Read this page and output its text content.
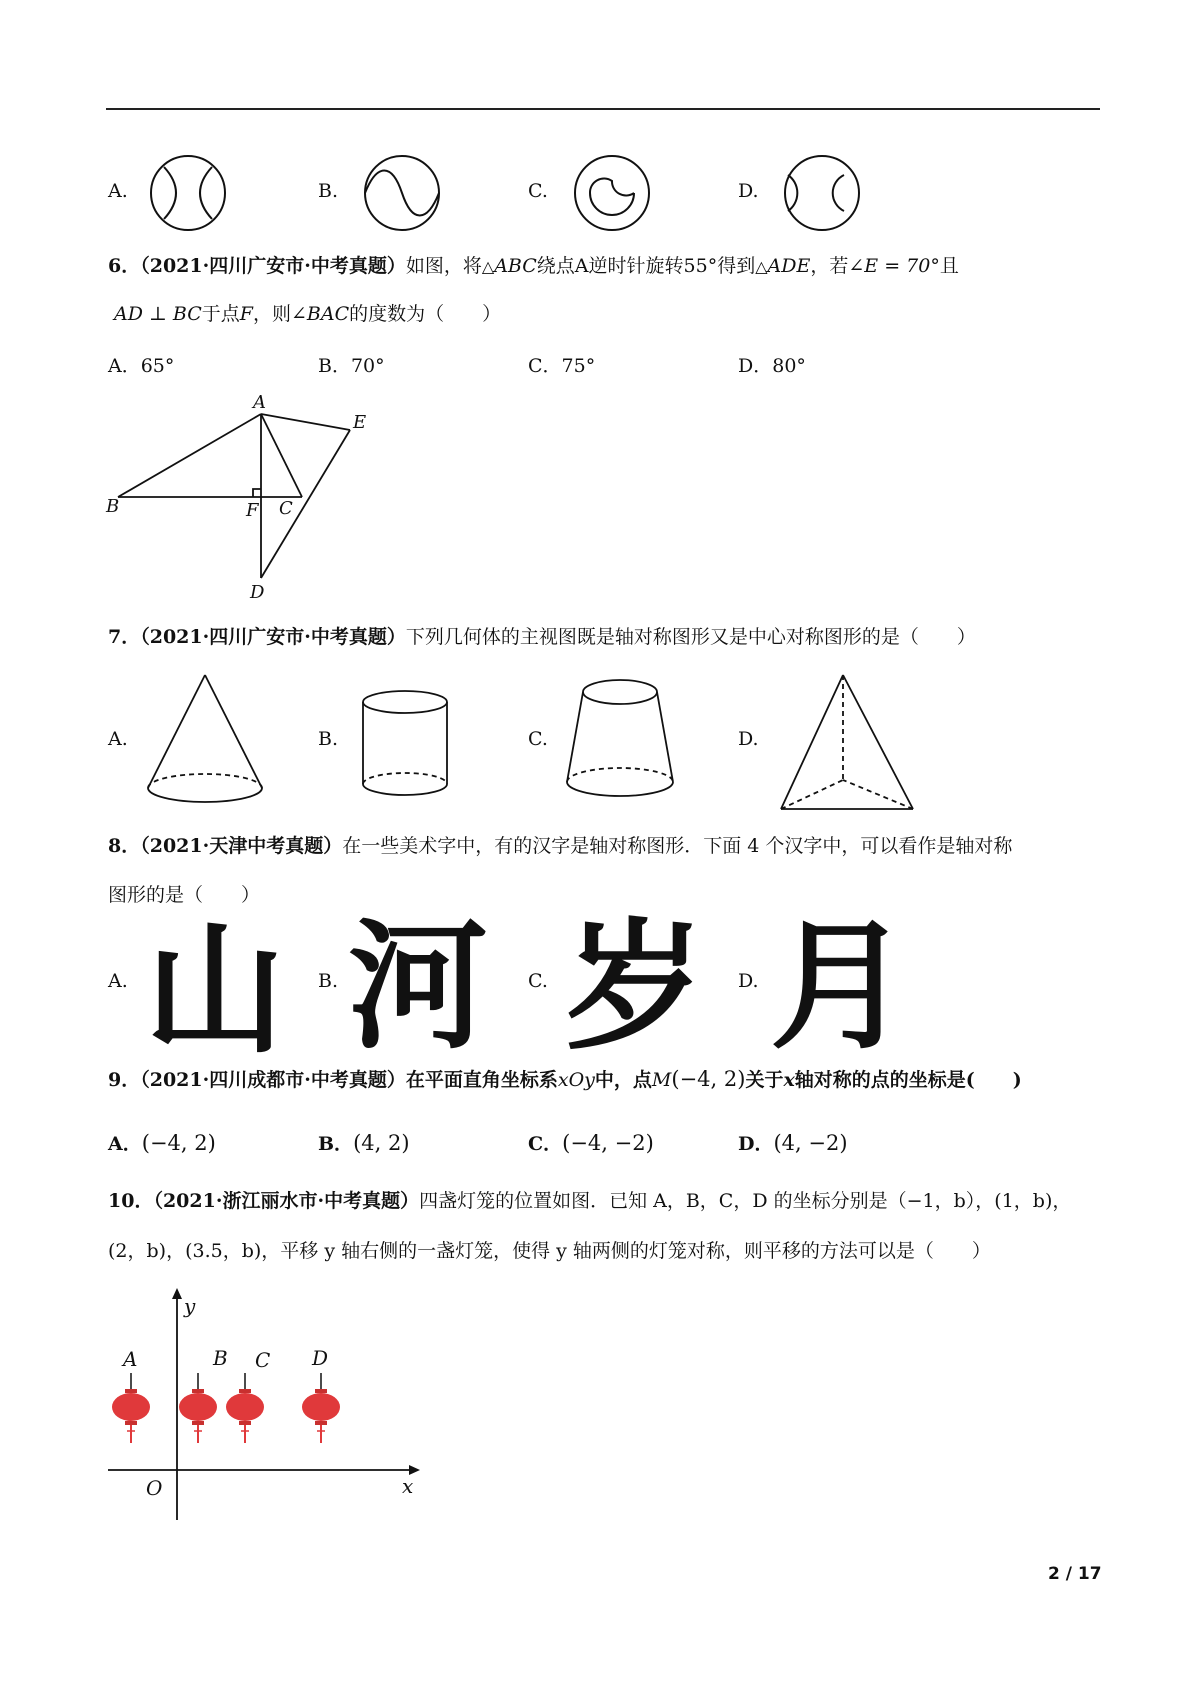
A.	B.	C.	D.
6．（2021·四川广安市·中考真题）如图，将△ABC绕点A逆时针旋转55°得到△ADE，若∠E = 70°且
AD ⊥ BC于点F，则∠BAC的度数为（　　）
A．65°	B．70°	C．75°	D．80°
A
E
B	F C
D
7．（2021·四川广安市·中考真题）下列几何体的主视图既是轴对称图形又是中心对称图形的是（　　）
A.	B.	C.	D.
8．（2021·天津中考真题）在一些美术字中，有的汉字是轴对称图形．下面 4 个汉字中，可以看作是轴对称
图形的是（　　）
A.	B.	C.	D.
山 河 岁 月
9．（2021·四川成都市·中考真题）在平面直角坐标系xOy中，点M(−4, 2)关于x轴对称的点的坐标是(　　)
A．(−4, 2)	B．(4, 2)	C．(−4, −2)	D．(4, −2)
10．（2021·浙江丽水市·中考真题）四盏灯笼的位置如图．已知 A，B，C，D 的坐标分别是（−1，b），(1，b)，
(2，b)，(3.5，b)，平移 y 轴右侧的一盏灯笼，使得 y 轴两侧的灯笼对称，则平移的方法可以是（　　）
y
x
O
A	B C D
2 / 17
